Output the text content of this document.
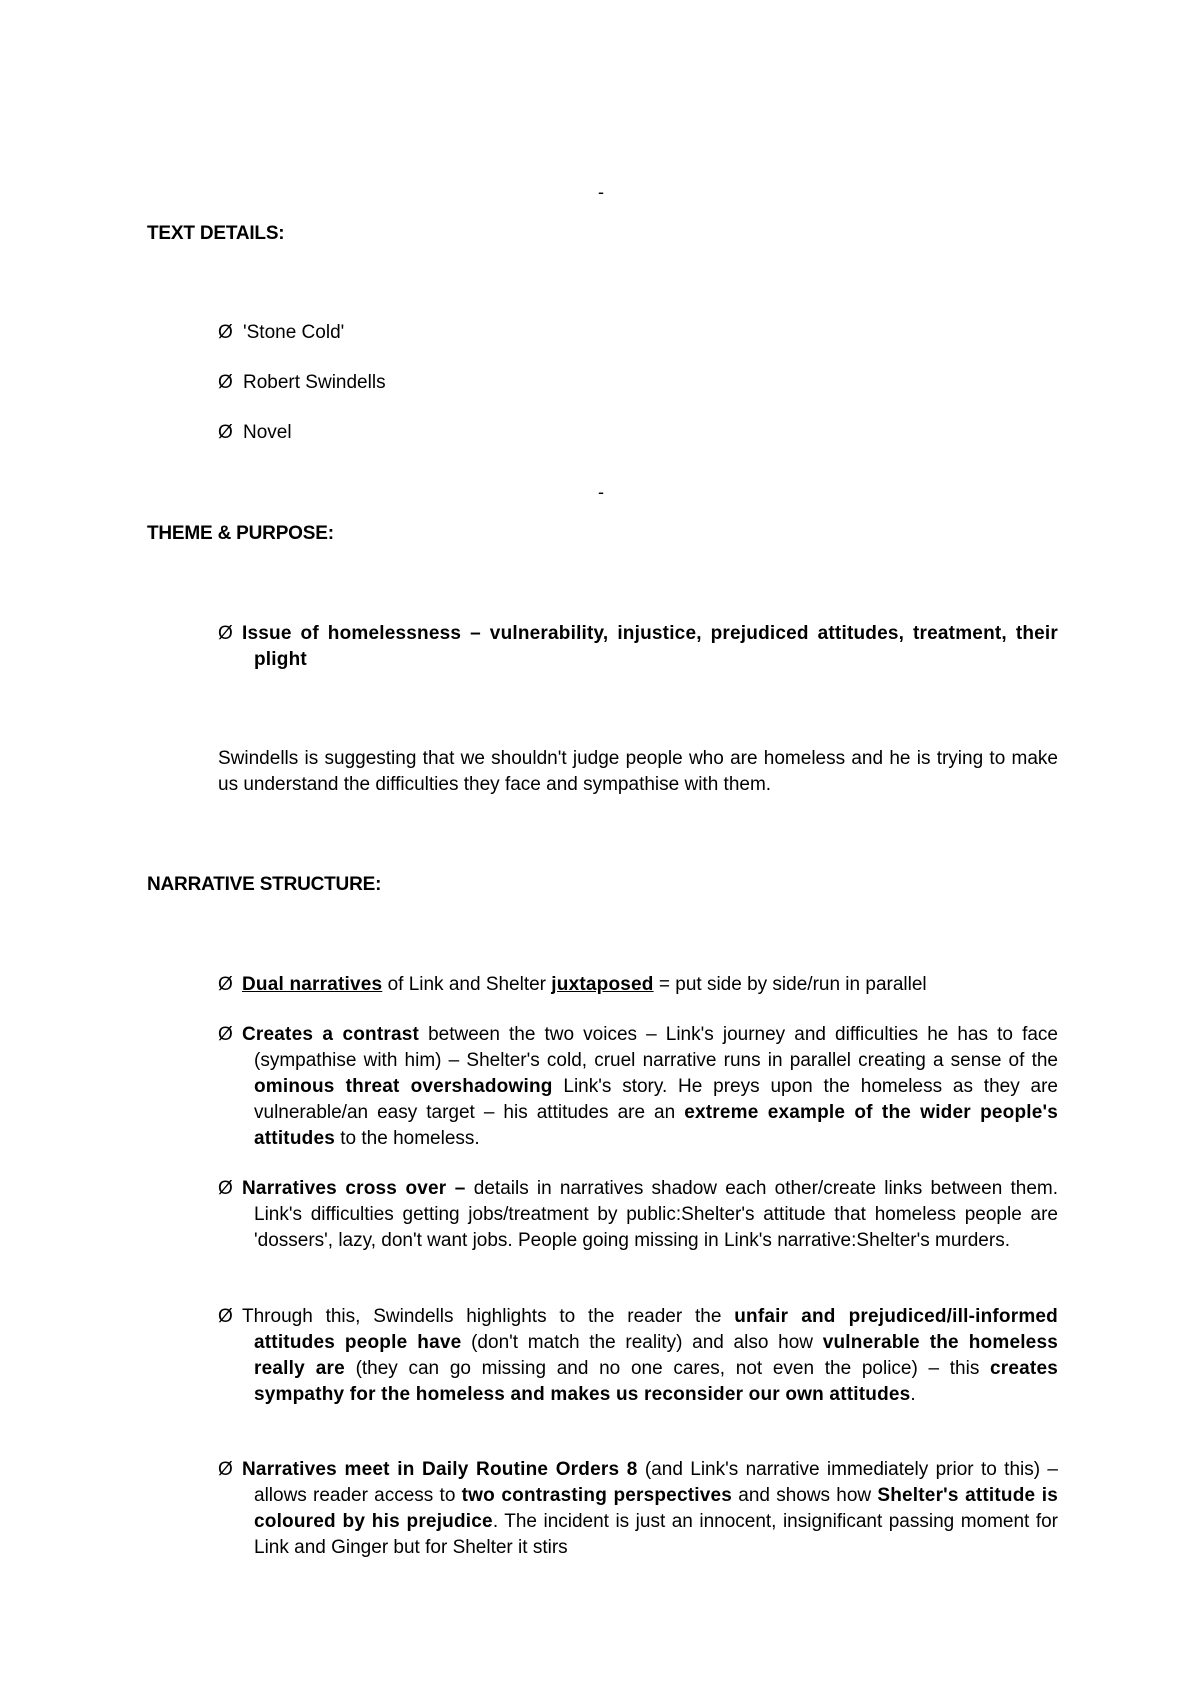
-
TEXT DETAILS:
Ø 'Stone Cold'
Ø Robert Swindells
Ø Novel
-
THEME & PURPOSE:
Ø Issue of homelessness – vulnerability, injustice, prejudiced attitudes, treatment, their plight
Swindells is suggesting that we shouldn't judge people who are homeless and he is trying to make us understand the difficulties they face and sympathise with them.
NARRATIVE STRUCTURE:
Ø Dual narratives of Link and Shelter juxtaposed = put side by side/run in parallel
Ø Creates a contrast between the two voices – Link's journey and difficulties he has to face (sympathise with him) – Shelter's cold, cruel narrative runs in parallel creating a sense of the ominous threat overshadowing Link's story. He preys upon the homeless as they are vulnerable/an easy target – his attitudes are an extreme example of the wider people's attitudes to the homeless.
Ø Narratives cross over – details in narratives shadow each other/create links between them. Link's difficulties getting jobs/treatment by public:Shelter's attitude that homeless people are 'dossers', lazy, don't want jobs. People going missing in Link's narrative:Shelter's murders.
Ø Through this, Swindells highlights to the reader the unfair and prejudiced/ill-informed attitudes people have (don't match the reality) and also how vulnerable the homeless really are (they can go missing and no one cares, not even the police) – this creates sympathy for the homeless and makes us reconsider our own attitudes.
Ø Narratives meet in Daily Routine Orders 8 (and Link's narrative immediately prior to this) – allows reader access to two contrasting perspectives and shows how Shelter's attitude is coloured by his prejudice. The incident is just an innocent, insignificant passing moment for Link and Ginger but for Shelter it stirs
